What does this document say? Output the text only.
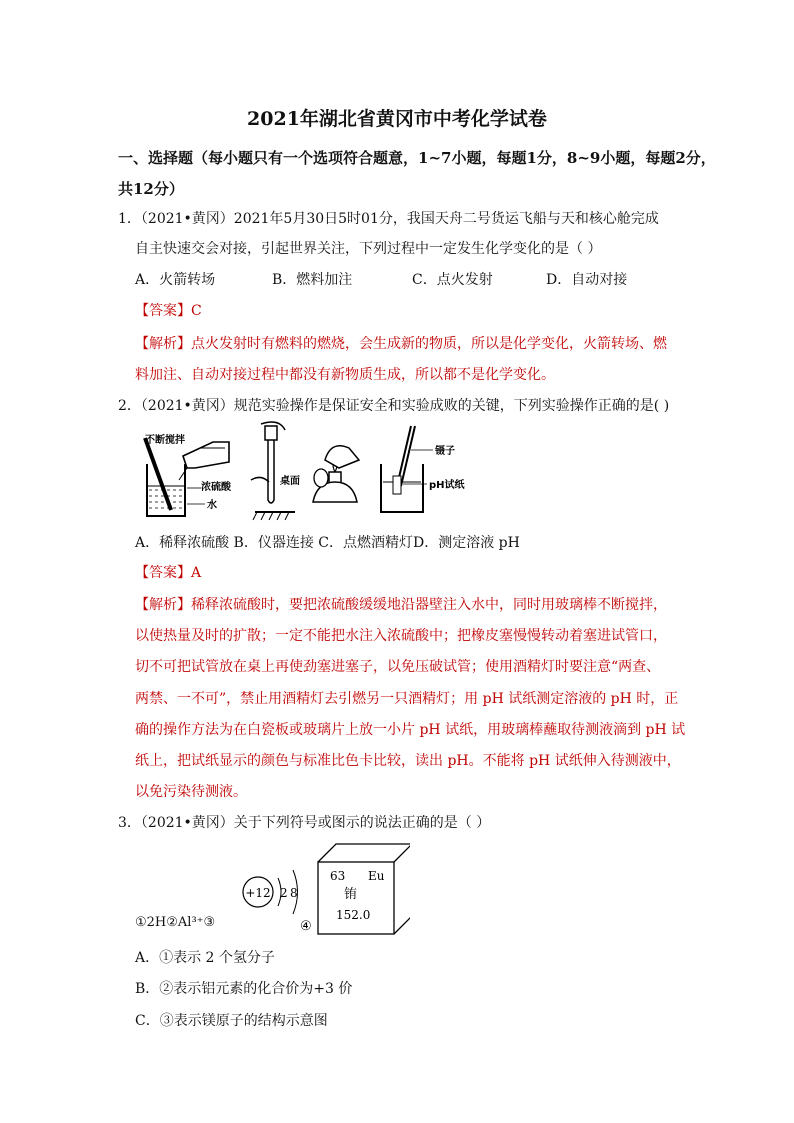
2021年湖北省黄冈市中考化学试卷
一、选择题（每小题只有一个选项符合题意，1~7小题，每题1分，8~9小题，每题2分，
共12分）
1．（2021•黄冈）2021年5月30日5时01分，我国天舟二号货运飞船与天和核心舱完成
自主快速交会对接，引起世界关注，下列过程中一定发生化学变化的是（ ）
A．火箭转场	B．燃料加注	C．点火发射	D．自动对接
【答案】C
【解析】点火发射时有燃料的燃烧，会生成新的物质，所以是化学变化，火箭转场、燃
料加注、自动对接过程中都没有新物质生成，所以都不是化学变化。
2．（2021•黄冈）规范实验操作是保证安全和实验成败的关键，下列实验操作正确的是( )
不断搅拌
浓硫酸
水
桌面
镊子
pH试纸
A．稀释浓硫酸 B．仪器连接 C．点燃酒精灯D．测定溶液 pH
【答案】A
【解析】稀释浓硫酸时，要把浓硫酸缓缓地沿器壁注入水中，同时用玻璃棒不断搅拌，
以使热量及时的扩散；一定不能把水注入浓硫酸中；把橡皮塞慢慢转动着塞进试管口，
切不可把试管放在桌上再使劲塞进塞子，以免压破试管；使用酒精灯时要注意“两查、
两禁、一不可”，禁止用酒精灯去引燃另一只酒精灯；用 pH 试纸测定溶液的 pH 时，正
确的操作方法为在白瓷板或玻璃片上放一小片 pH 试纸，用玻璃棒蘸取待测液滴到 pH 试
纸上，把试纸显示的颜色与标准比色卡比较，读出 pH。不能将 pH 试纸伸入待测液中，
以免污染待测液。
3．（2021•黄冈）关于下列符号或图示的说法正确的是（ ）
①2H②Al³⁺③
+12 2 8
④
63 Eu
铕
152.0
A．①表示 2 个氢分子
B．②表示铝元素的化合价为+3 价
C．③表示镁原子的结构示意图
